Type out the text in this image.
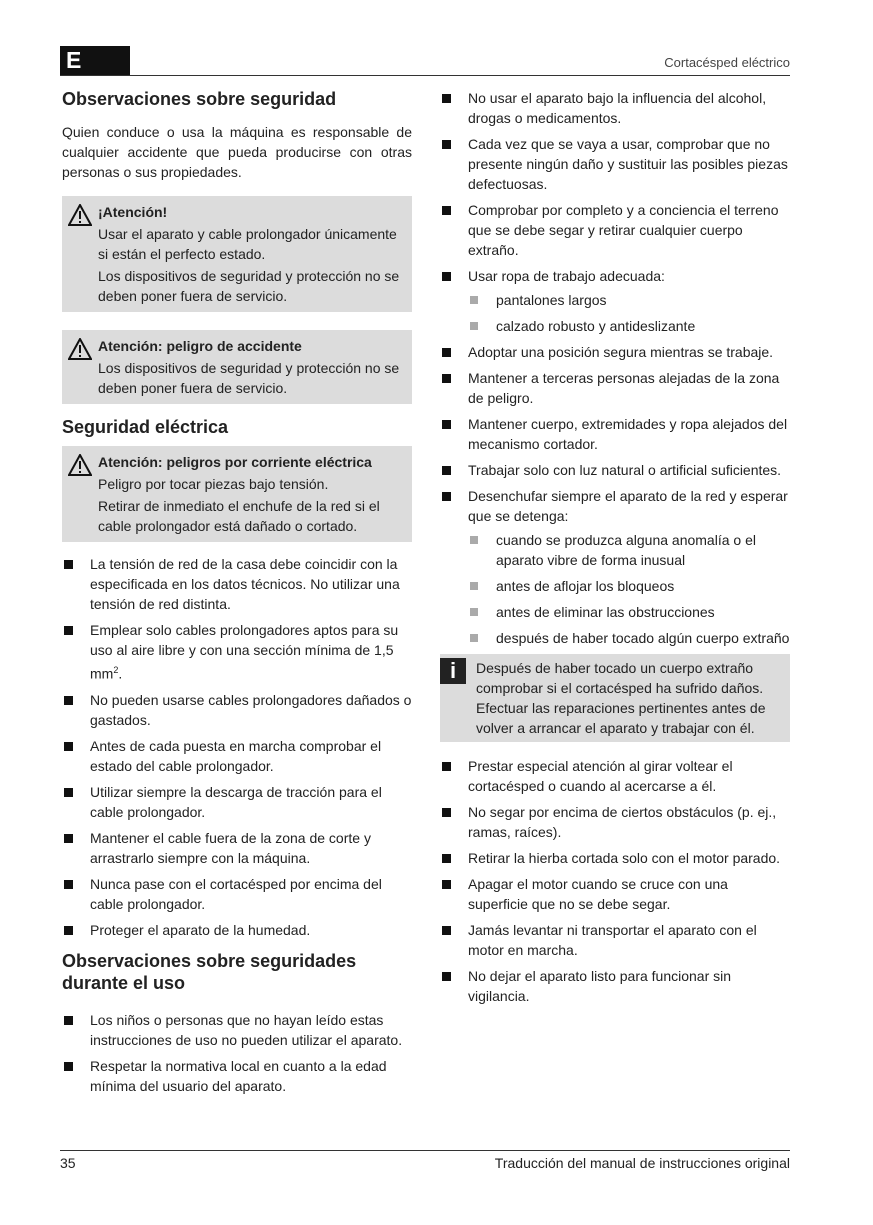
E	Cortacésped eléctrico
Observaciones sobre seguridad

Quien conduce o usa la máquina es responsable de cualquier accidente que pueda producirse con otras personas o sus propiedades.

¡Atención!
Usar el aparato y cable prolongador únicamente si están el perfecto estado.
Los dispositivos de seguridad y protección no se deben poner fuera de servicio.
Atención: peligro de accidente
Los dispositivos de seguridad y protección no se deben poner fuera de servicio.
Seguridad eléctrica
Atención: peligros por corriente eléctrica
Peligro por tocar piezas bajo tensión.
Retirar de inmediato el enchufe de la red si el cable prolongador está dañado o cortado.
La tensión de red de la casa debe coincidir con la especificada en los datos técnicos. No utilizar una tensión de red distinta.
Emplear solo cables prolongadores aptos para su uso al aire libre y con una sección mínima de 1,5 $mm^2$.
No pueden usarse cables prolongadores dañados o gastados.
Antes de cada puesta en marcha comprobar el estado del cable prolongador.
Utilizar siempre la descarga de tracción para el cable prolongador.
Mantener el cable fuera de la zona de corte y arrastrarlo siempre con la máquina.
Nunca pase con el cortacésped por encima del cable prolongador.
Proteger el aparato de la humedad.
Observaciones sobre seguridades durante el uso
Los niños o personas que no hayan leído estas instrucciones de uso no pueden utilizar el aparato.
Respetar la normativa local en cuanto a la edad mínima del usuario del aparato.
No usar el aparato bajo la influencia del alcohol, drogas o medicamentos.
Cada vez que se vaya a usar, comprobar que no presente ningún daño y sustituir las posibles piezas defectuosas.
Comprobar por completo y a conciencia el terreno que se debe segar y retirar cualquier cuerpo extraño.
Usar ropa de trabajo adecuada:
pantalones largos
calzado robusto y antideslizante
Adoptar una posición segura mientras se trabaje.
Mantener a terceras personas alejadas de la zona de peligro.
Mantener cuerpo, extremidades y ropa alejados del mecanismo cortador.
Trabajar solo con luz natural o artificial suficientes.
Desenchufar siempre el aparato de la red y esperar que se detenga:
cuando se produzca alguna anomalía o el aparato vibre de forma inusual
antes de aflojar los bloqueos
antes de eliminar las obstrucciones
después de haber tocado algún cuerpo extraño
i	Después de haber tocado un cuerpo extraño comprobar si el cortacésped ha sufrido daños. Efectuar las reparaciones pertinentes antes de volver a arrancar el aparato y trabajar con él.
Prestar especial atención al girar voltear el cortacésped o cuando al acercarse a él.
No segar por encima de ciertos obstáculos (p. ej., ramas, raíces).
Retirar la hierba cortada solo con el motor parado.
Apagar el motor cuando se cruce con una superficie que no se debe segar.
Jamás levantar ni transportar el aparato con el motor en marcha.
No dejar el aparato listo para funcionar sin vigilancia.
35	Traducción del manual de instrucciones original
